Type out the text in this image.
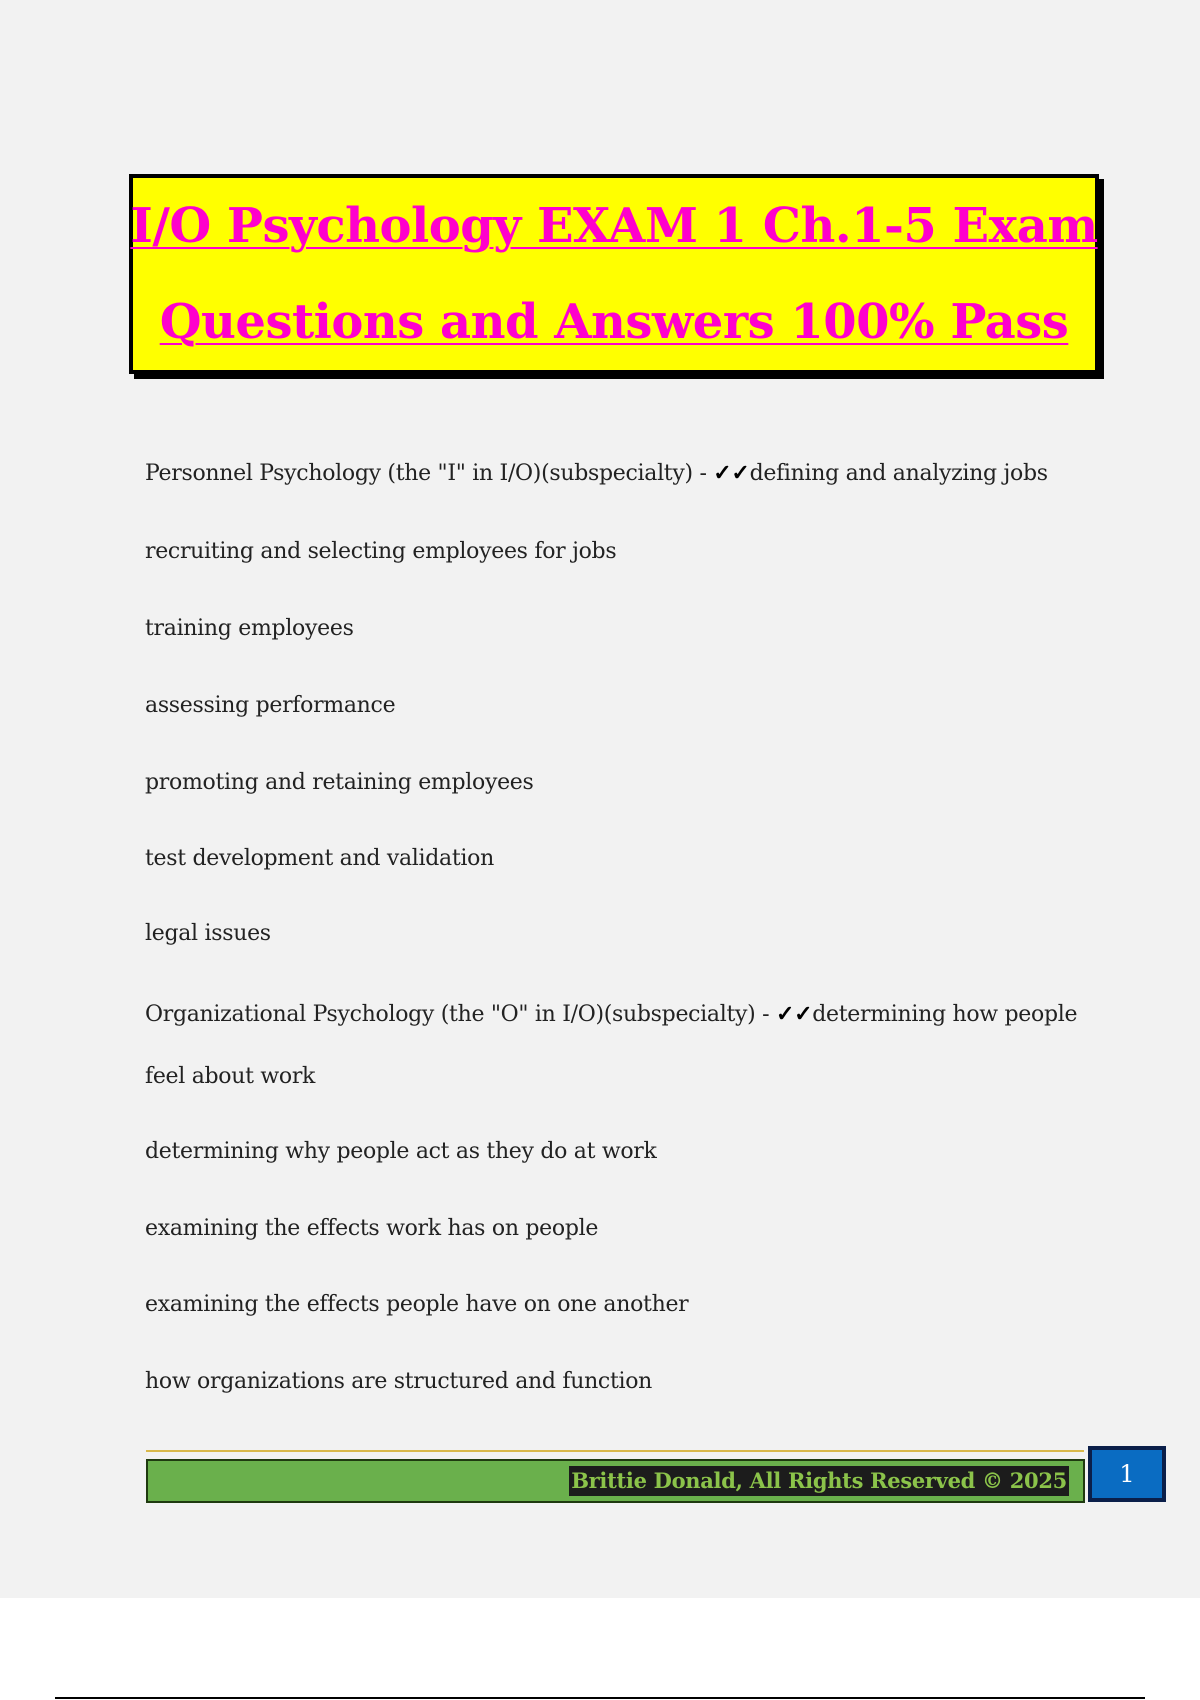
I/O Psychology EXAM 1 Ch.1-5 Exam
Questions and Answers 100% Pass
Personnel Psychology (the "I" in I/O)(subspecialty) - ✓✓defining and analyzing jobs
recruiting and selecting employees for jobs
training employees
assessing performance
promoting and retaining employees
test development and validation
legal issues
Organizational Psychology (the "O" in I/O)(subspecialty) - ✓✓determining how people
feel about work
determining why people act as they do at work
examining the effects work has on people
examining the effects people have on one another
how organizations are structured and function
Brittie Donald, All Rights Reserved © 2025	1
